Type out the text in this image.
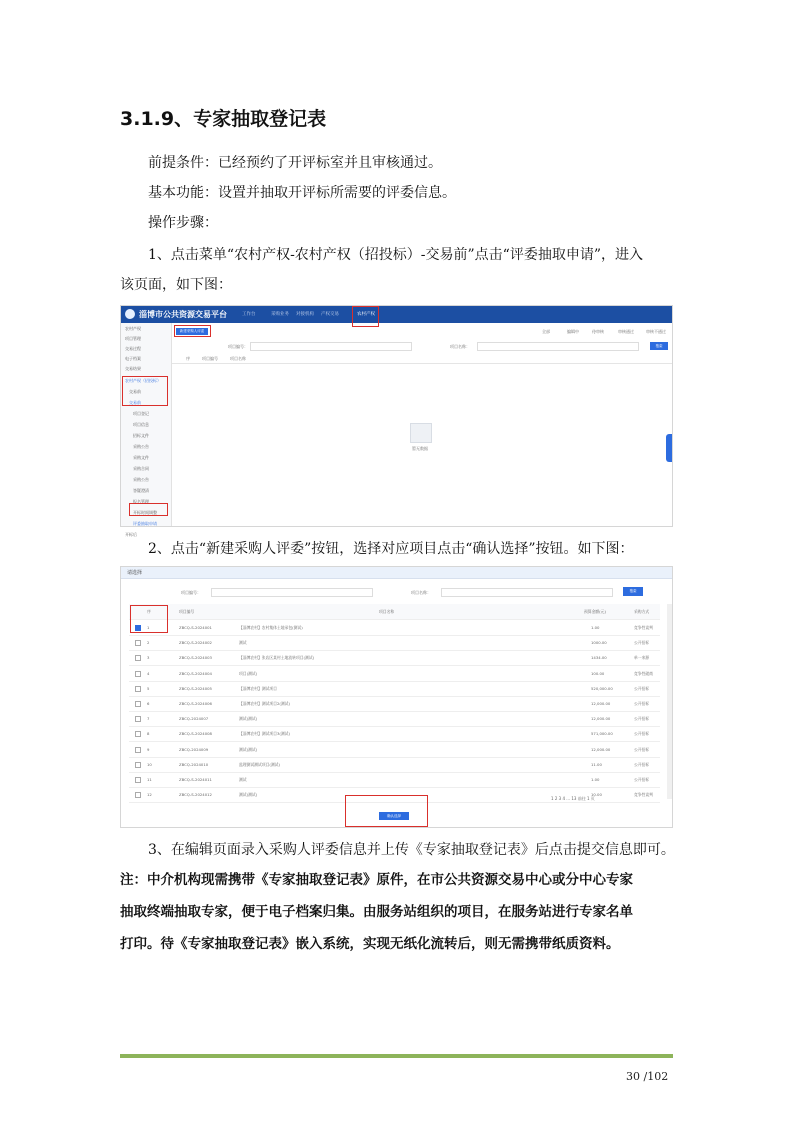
3.1.9、专家抽取登记表
前提条件：已经预约了开评标室并且审核通过。
基本功能：设置并抽取开评标所需要的评委信息。
操作步骤：
1、点击菜单“农村产权-农村产权（招投标）-交易前”点击“评委抽取申请”，进入
该页面，如下图：
淄博市公共资源交易平台	工作台	采购业务 对接机构 产权交易	农村产权
农村产权
项目管理
交易过程
电子档案
交易结果
农村产权（招投标）
交易前
交易前
项目登记
项目信息
招标文件
采购公告
采购文件
采购合同
采购公告
答疑澄清
报名管理
开标时间调整
评委抽取申请
开标后
新建采购人评委	全部	编辑中	待审核	审核通过	审核不通过
项目编号：	项目名称：	搜索
序	项目编号	项目名称
暂无数据
2、点击“新建采购人评委”按钮，选择对应项目点击“确认选择”按钮。如下图：
请选择
项目编号：	项目名称：	搜索
序	项目编号	项目名称	预算金额(元)	采购方式
1	ZBCQ-S-2024001	【淄博农村】农村集体土地承包(测试)	1.00	竞争性谈判
2	ZBCQ-S-2024002	测试	1000.00	公开招标
3	ZBCQ-S-2024003	【淄博农村】张店区某村土地流转项目(测试)	1434.00	单一来源
4	ZBCQ-S-2024004	项目(测试)	100.00	竞争性磋商
5	ZBCQ-S-2024005	【淄博农村】测试项目	520,000.00	公开招标
6	ZBCQ-S-2024006	【淄博农村】测试项目2(测试)	12,000.00	公开招标
7	ZBCQ-2024007	测试(测试)	12,000.00	公开招标
8	ZBCQ-S-2024008	【淄博农村】测试项目3(测试)	571,000.00	公开招标
9	ZBCQ-2024009	测试(测试)	12,000.00	公开招标
10	ZBCQ-2024010	监理测试测试项目(测试)	11.00	公开招标
11	ZBCQ-S-2024011	测试	1.00	公开招标
12	ZBCQ-S-2024012	测试(测试)	10.00	竞争性谈判
1 2 3 4 ... 13 前往 1 页
确认选择
3、在编辑页面录入采购人评委信息并上传《专家抽取登记表》后点击提交信息即可。
注：中介机构现需携带《专家抽取登记表》原件，在市公共资源交易中心或分中心专家
抽取终端抽取专家，便于电子档案归集。由服务站组织的项目，在服务站进行专家名单
打印。待《专家抽取登记表》嵌入系统，实现无纸化流转后，则无需携带纸质资料。
30 /102
